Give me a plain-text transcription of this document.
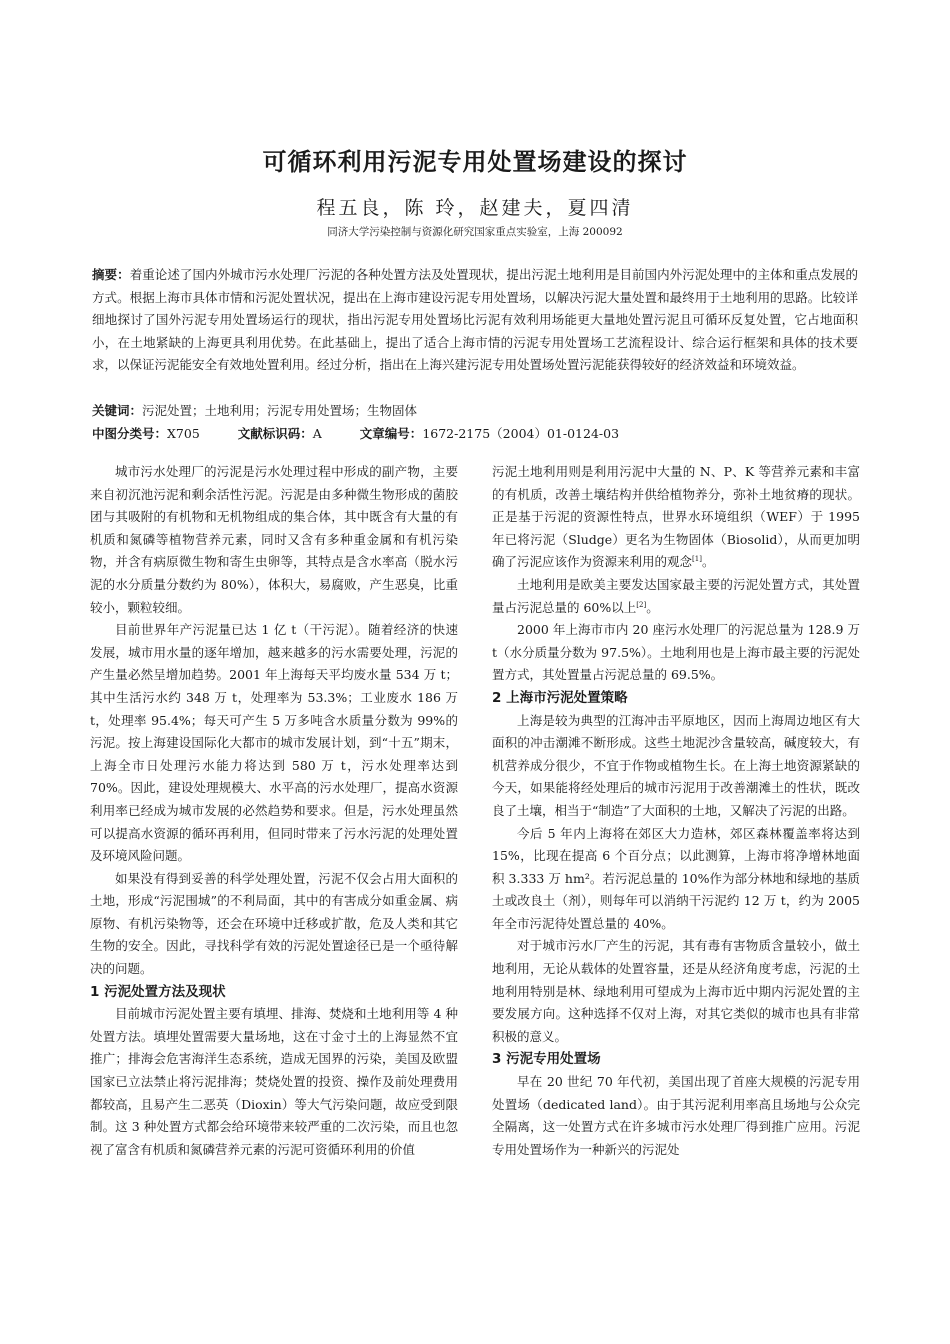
可循环利用污泥专用处置场建设的探讨
程五良，陈 玲，赵建夫，夏四清
同济大学污染控制与资源化研究国家重点实验室，上海 200092
摘要：着重论述了国内外城市污水处理厂污泥的各种处置方法及处置现状，提出污泥土地利用是目前国内外污泥处理中的主体和重点发展的方式。根据上海市具体市情和污泥处置状况，提出在上海市建设污泥专用处置场，以解决污泥大量处置和最终用于土地利用的思路。比较详细地探讨了国外污泥专用处置场运行的现状，指出污泥专用处置场比污泥有效利用场能更大量地处置污泥且可循环反复处置，它占地面积小，在土地紧缺的上海更具利用优势。在此基础上，提出了适合上海市情的污泥专用处置场工艺流程设计、综合运行框架和具体的技术要求，以保证污泥能安全有效地处置利用。经过分析，指出在上海兴建污泥专用处置场处置污泥能获得较好的经济效益和环境效益。
关键词：污泥处置；土地利用；污泥专用处置场；生物固体
中图分类号：X705	文献标识码：A	文章编号：1672-2175（2004）01-0124-03

城市污水处理厂的污泥是污水处理过程中形成的副产物，主要来自初沉池污泥和剩余活性污泥。污泥是由多种微生物形成的菌胶团与其吸附的有机物和无机物组成的集合体，其中既含有大量的有机质和氮磷等植物营养元素，同时又含有多种重金属和有机污染物，并含有病原微生物和寄生虫卵等，其特点是含水率高（脱水污泥的水分质量分数约为 80%），体积大，易腐败，产生恶臭，比重较小，颗粒较细。

目前世界年产污泥量已达 1 亿 t（干污泥）。随着经济的快速发展，城市用水量的逐年增加，越来越多的污水需要处理，污泥的产生量必然呈增加趋势。2001 年上海每天平均废水量 534 万 t；其中生活污水约 348 万 t，处理率为 53.3%；工业废水 186 万 t，处理率 95.4%；每天可产生 5 万多吨含水质量分数为 99%的污泥。按上海建设国际化大都市的城市发展计划，到“十五”期末，上海全市日处理污水能力将达到 580 万 t，污水处理率达到 70%。因此，建设处理规模大、水平高的污水处理厂，提高水资源利用率已经成为城市发展的必然趋势和要求。但是，污水处理虽然可以提高水资源的循环再利用，但同时带来了污水污泥的处理处置及环境风险问题。

如果没有得到妥善的科学处理处置，污泥不仅会占用大面积的土地，形成“污泥围城”的不利局面，其中的有害成分如重金属、病原物、有机污染物等，还会在环境中迁移或扩散，危及人类和其它生物的安全。因此，寻找科学有效的污泥处置途径已是一个亟待解决的问题。

1 污泥处置方法及现状

目前城市污泥处置主要有填埋、排海、焚烧和土地利用等 4 种处置方法。填埋处置需要大量场地，这在寸金寸土的上海显然不宜推广；排海会危害海洋生态系统，造成无国界的污染，美国及欧盟国家已立法禁止将污泥排海；焚烧处置的投资、操作及前处理费用都较高，且易产生二恶英（Dioxin）等大气污染问题，故应受到限制。这 3 种处置方式都会给环境带来较严重的二次污染，而且也忽视了富含有机质和氮磷营养元素的污泥可资循环利用的价值

污泥土地利用则是利用污泥中大量的 N、P、K 等营养元素和丰富的有机质，改善土壤结构并供给植物养分，弥补土地贫瘠的现状。正是基于污泥的资源性特点，世界水环境组织（WEF）于 1995 年已将污泥（Sludge）更名为生物固体（Biosolid），从而更加明确了污泥应该作为资源来利用的观念[1]。

土地利用是欧美主要发达国家最主要的污泥处置方式，其处置量占污泥总量的 60%以上[2]。

2000 年上海市市内 20 座污水处理厂的污泥总量为 128.9 万 t（水分质量分数为 97.5%）。土地利用也是上海市最主要的污泥处置方式，其处置量占污泥总量的 69.5%。

2 上海市污泥处置策略

上海是较为典型的江海冲击平原地区，因而上海周边地区有大面积的冲击潮滩不断形成。这些土地泥沙含量较高，碱度较大，有机营养成分很少，不宜于作物或植物生长。在上海土地资源紧缺的今天，如果能将经处理后的城市污泥用于改善潮滩土的性状，既改良了土壤，相当于“制造”了大面积的土地，又解决了污泥的出路。

今后 5 年内上海将在郊区大力造林，郊区森林覆盖率将达到 15%，比现在提高 6 个百分点；以此测算，上海市将净增林地面积 3.333 万 hm²。若污泥总量的 10%作为部分林地和绿地的基质土或改良土（剂），则每年可以消纳干污泥约 12 万 t，约为 2005 年全市污泥待处置总量的 40%。

对于城市污水厂产生的污泥，其有毒有害物质含量较小，做土地利用，无论从载体的处置容量，还是从经济角度考虑，污泥的土地利用特别是林、绿地利用可望成为上海市近中期内污泥处置的主要发展方向。这种选择不仅对上海，对其它类似的城市也具有非常积极的意义。

3 污泥专用处置场

早在 20 世纪 70 年代初，美国出现了首座大规模的污泥专用处置场（dedicated land）。由于其污泥利用率高且场地与公众完全隔离，这一处置方式在许多城市污水处理厂得到推广应用。污泥专用处置场作为一种新兴的污泥处
